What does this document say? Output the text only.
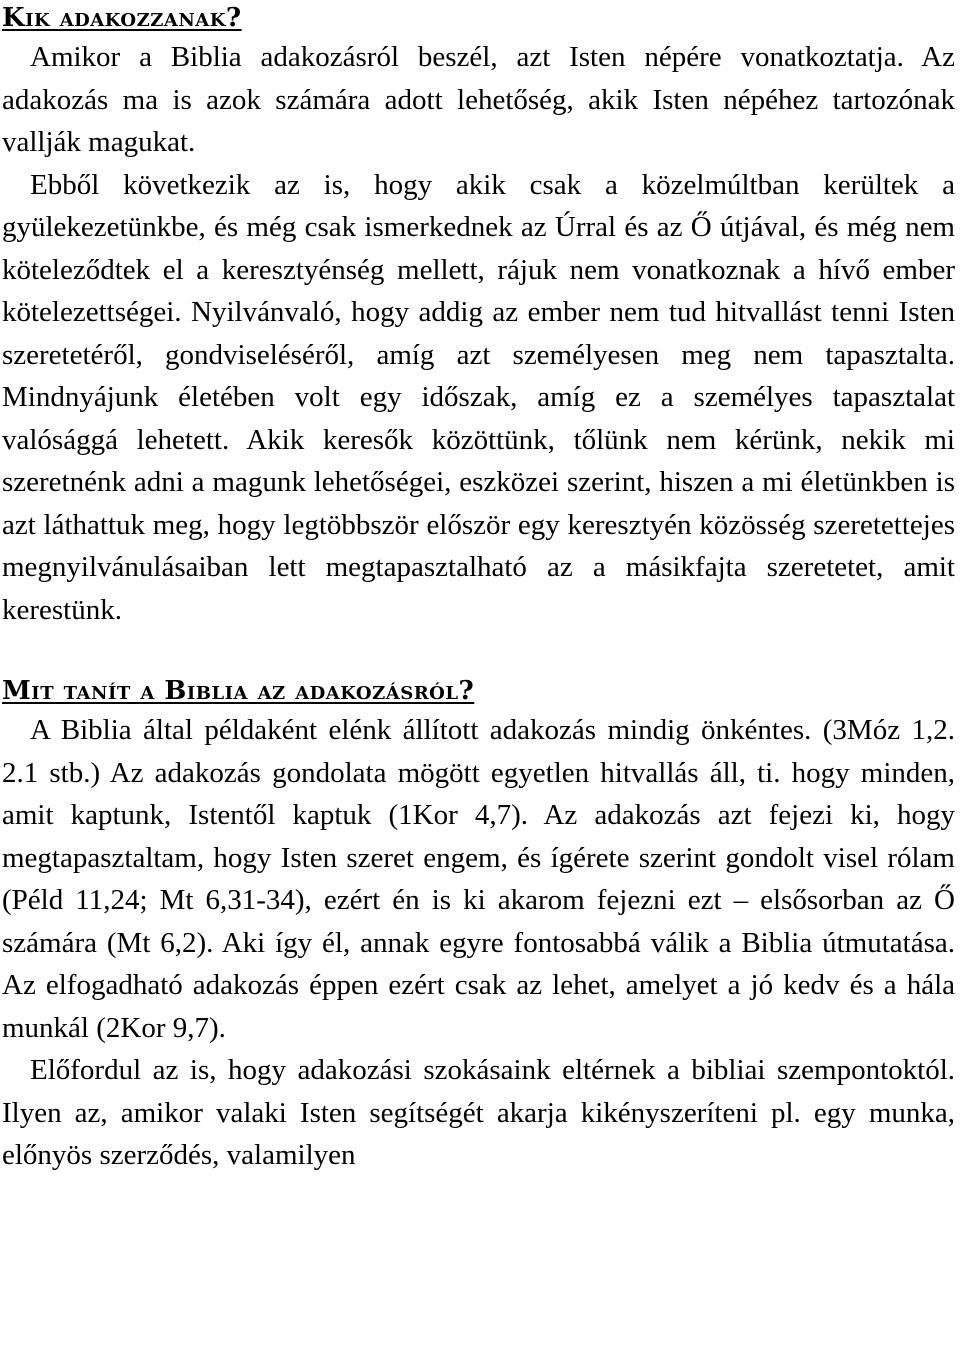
Kik adakozzanak?

Amikor a Biblia adakozásról beszél, azt Isten népére vonatkoztatja. Az adakozás ma is azok számára adott lehetőség, akik Isten népéhez tartozónak vallják magukat.

Ebből következik az is, hogy akik csak a közelmúltban kerültek a gyülekezetünkbe, és még csak ismerkednek az Úrral és az Ő útjával, és még nem köteleződtek el a keresztyénség mellett, rájuk nem vonatkoznak a hívő ember kötelezettségei. Nyilvánvaló, hogy addig az ember nem tud hitvallást tenni Isten szeretetéről, gondviseléséről, amíg azt személyesen meg nem tapasztalta. Mindnyájunk életében volt egy időszak, amíg ez a személyes tapasztalat valósággá lehetett. Akik keresők közöttünk, tőlünk nem kérünk, nekik mi szeretnénk adni a magunk lehetőségei, eszközei szerint, hiszen a mi életünkben is azt láthattuk meg, hogy legtöbbször először egy keresztyén közösség szeretettejes megnyilvánulásaiban lett megtapasztalható az a másikfajta szeretetet, amit kerestünk.

Mit tanít a Biblia az adakozásról?

A Biblia által példaként elénk állított adakozás mindig önkéntes. (3Móz 1,2. 2.1 stb.) Az adakozás gondolata mögött egyetlen hitvallás áll, ti. hogy minden, amit kaptunk, Istentől kaptuk (1Kor 4,7). Az adakozás azt fejezi ki, hogy megtapasztaltam, hogy Isten szeret engem, és ígérete szerint gondolt visel rólam (Péld 11,24; Mt 6,31-34), ezért én is ki akarom fejezni ezt – elsősorban az Ő számára (Mt 6,2). Aki így él, annak egyre fontosabbá válik a Biblia útmutatása. Az elfogadható adakozás éppen ezért csak az lehet, amelyet a jó kedv és a hála munkál (2Kor 9,7).

Előfordul az is, hogy adakozási szokásaink eltérnek a bibliai szempontoktól. Ilyen az, amikor valaki Isten segítségét akarja kikényszeríteni pl. egy munka, előnyös szerződés, valamilyen
